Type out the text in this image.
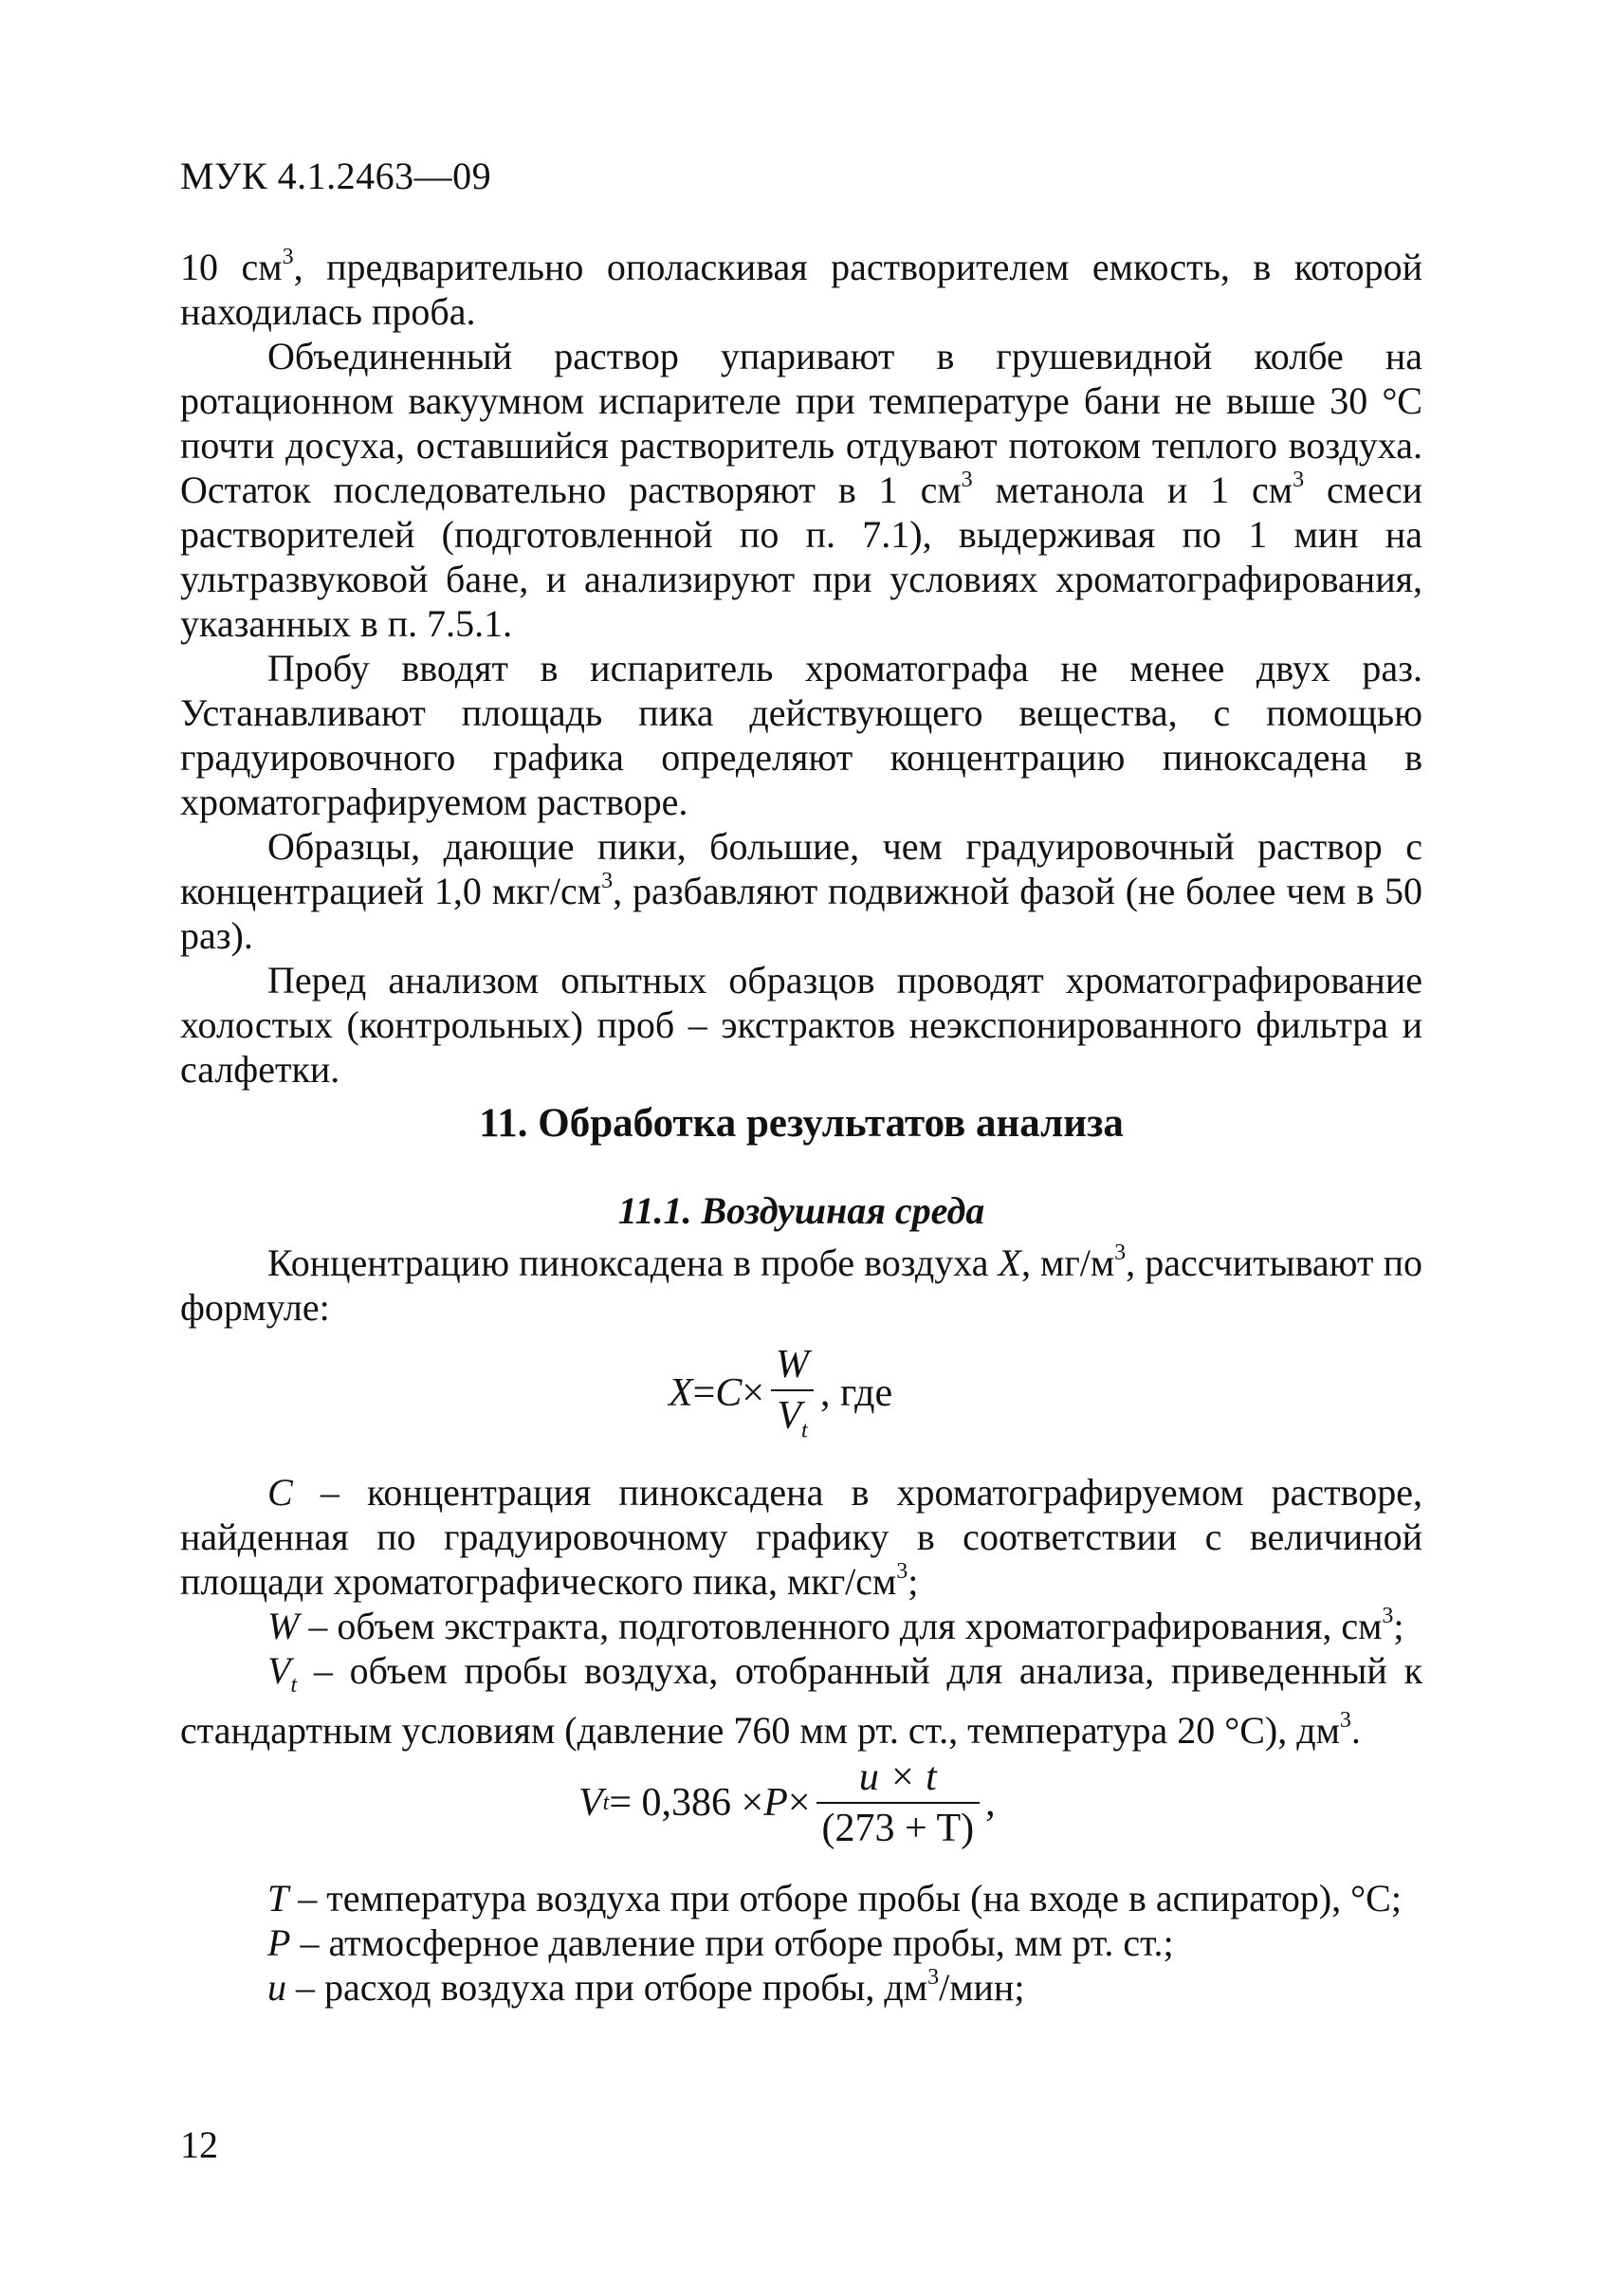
МУК 4.1.2463—09

10 $см^3$, предварительно ополаскивая растворителем емкость, в которой находилась проба.

Объединенный раствор упаривают в грушевидной колбе на ротационном вакуумном испарителе при температуре бани не выше 30 °С почти досуха, оставшийся растворитель отдувают потоком теплого воздуха. Остаток последовательно растворяют в 1 $см^3$ метанола и 1 $см^3$ смеси растворителей (подготовленной по п. 7.1), выдерживая по 1 мин на ультразвуковой бане, и анализируют при условиях хроматографирования, указанных в п. 7.5.1.

Пробу вводят в испаритель хроматографа не менее двух раз. Устанавливают площадь пика действующего вещества, с помощью градуировочного графика определяют концентрацию пиноксадена в хроматографируемом растворе.

Образцы, дающие пики, большие, чем градуировочный раствор с концентрацией 1,0 мкг/$см^3$, разбавляют подвижной фазой (не более чем в 50 раз).

Перед анализом опытных образцов проводят хроматографирование холостых (контрольных) проб – экстрактов неэкспонированного фильтра и салфетки.

11. Обработка результатов анализа
11.1. Воздушная среда

Концентрацию пиноксадена в пробе воздуха X, $мг/м^3$, рассчитывают по формуле:

$X = C \times \frac{W}{V_t}$ , где

C – концентрация пиноксадена в хроматографируемом растворе, найденная по градуировочному графику в соответствии с величиной площади хроматографического пика, мкг/$см^3$;

W – объем экстракта, подготовленного для хроматографирования, $см^3$;

$V_t$ – объем пробы воздуха, отобранный для анализа, приведенный к стандартным условиям (давление 760 мм рт. ст., температура 20 °С), $дм^3$.

V $t = 0,386 \times P \times \frac{u \times t}{(273 + T)}$ ,

T – температура воздуха при отборе пробы (на входе в аспиратор), °С;

P – атмосферное давление при отборе пробы, мм рт. ст.;

u – расход воздуха при отборе пробы, $дм^3$/мин;

12
